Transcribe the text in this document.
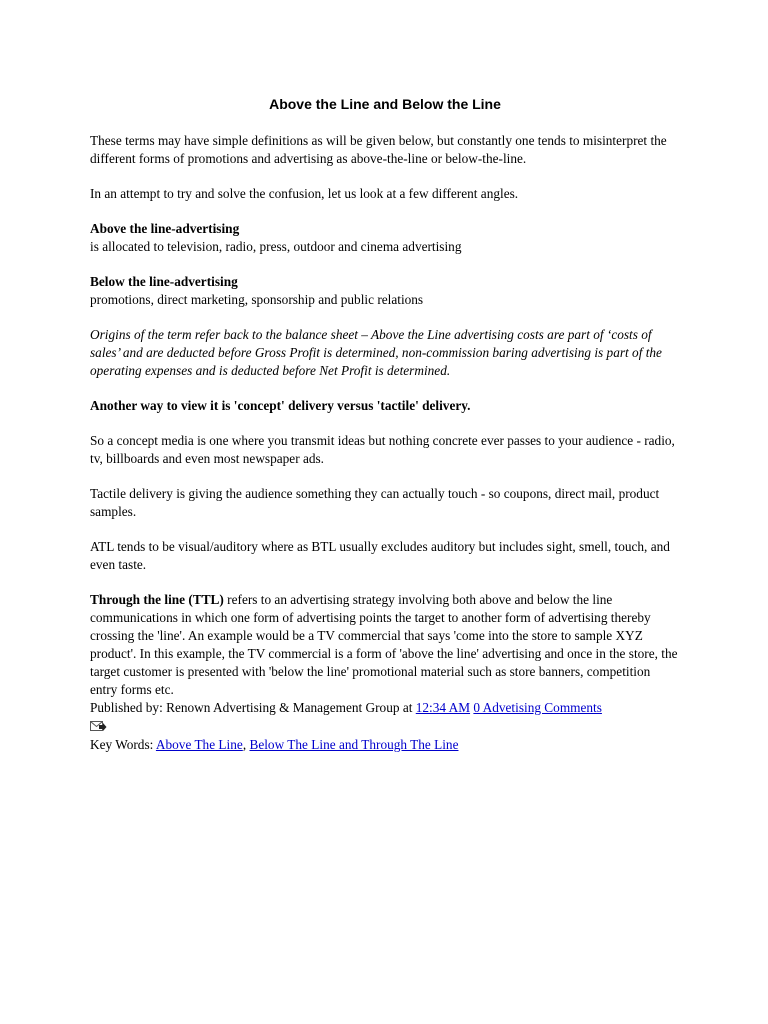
Above the Line and Below the Line

These terms may have simple definitions as will be given below, but constantly one tends to misinterpret the different forms of promotions and advertising as above-the-line or below-the-line.

In an attempt to try and solve the confusion, let us look at a few different angles.

Above the line-advertising
is allocated to television, radio, press, outdoor and cinema advertising

Below the line-advertising
promotions, direct marketing, sponsorship and public relations

Origins of the term refer back to the balance sheet – Above the Line advertising costs are part of ‘costs of sales’ and are deducted before Gross Profit is determined, non-commission baring advertising is part of the operating expenses and is deducted before Net Profit is determined.

Another way to view it is 'concept' delivery versus 'tactile' delivery.

So a concept media is one where you transmit ideas but nothing concrete ever passes to your audience - radio, tv, billboards and even most newspaper ads.

Tactile delivery is giving the audience something they can actually touch - so coupons, direct mail, product samples.

ATL tends to be visual/auditory where as BTL usually excludes auditory but includes sight, smell, touch, and even taste.

Through the line (TTL) refers to an advertising strategy involving both above and below the line communications in which one form of advertising points the target to another form of advertising thereby crossing the 'line'. An example would be a TV commercial that says 'come into the store to sample XYZ product'. In this example, the TV commercial is a form of 'above the line' advertising and once in the store, the target customer is presented with 'below the line' promotional material such as store banners, competition entry forms etc.

Published by: Renown Advertising & Management Group at 12:34 AM 0 Advetising Comments
Key Words: Above The Line, Below The Line and Through The Line
